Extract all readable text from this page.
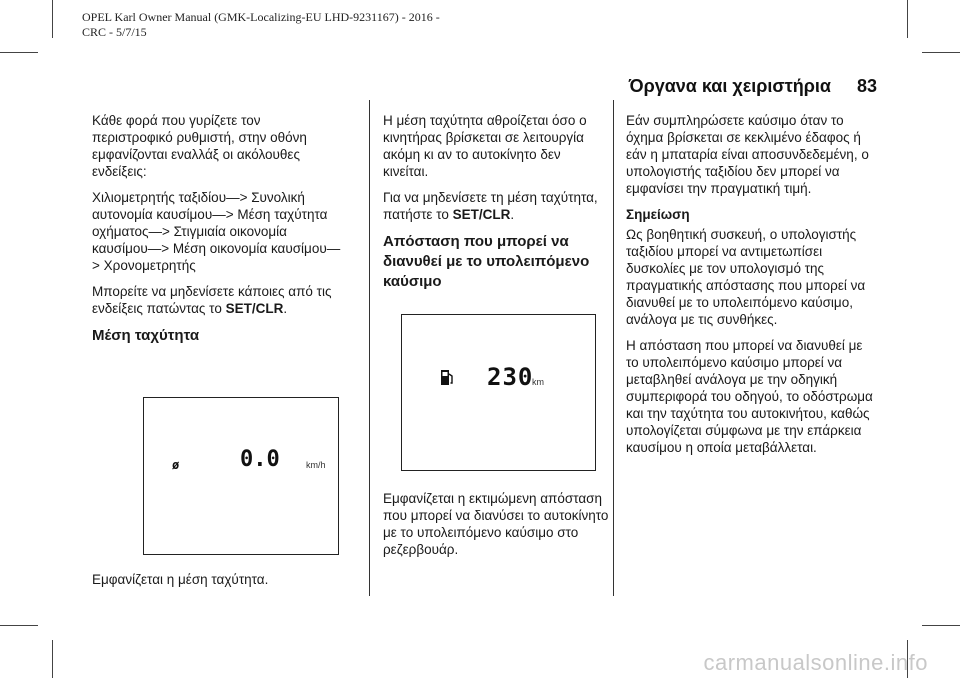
OPEL Karl Owner Manual (GMK-Localizing-EU LHD-9231167) - 2016 -
CRC - 5/7/15
Όργανα και χειριστήρια 83

Κάθε φορά που γυρίζετε τον περιστροφικό ρυθμιστή, στην οθόνη εμφανίζονται εναλλάξ οι ακόλουθες ενδείξεις:

Χιλιομετρητής ταξιδίου—> Συνολική αυτονομία καυσίμου—> Μέση ταχύτητα οχήματος—> Στιγμιαία οικονομία καυσίμου—> Μέση οικονομία καυσίμου—> Χρονομετρητής

Μπορείτε να μηδενίσετε κάποιες από τις ενδείξεις πατώντας το SET/CLR.

Μέση ταχύτητα
ø	0.0	km/h

Εμφανίζεται η μέση ταχύτητα.

Η μέση ταχύτητα αθροίζεται όσο ο κινητήρας βρίσκεται σε λειτουργία ακόμη κι αν το αυτοκίνητο δεν κινείται.

Για να μηδενίσετε τη μέση ταχύτητα, πατήστε το SET/CLR.

Απόσταση που μπορεί να διανυθεί με το υπολειπόμενο καύσιμο
230
km

Εμφανίζεται η εκτιμώμενη απόσταση που μπορεί να διανύσει το αυτοκίνητο με το υπολειπόμενο καύσιμο στο ρεζερβουάρ.

Εάν συμπληρώσετε καύσιμο όταν το όχημα βρίσκεται σε κεκλιμένο έδαφος ή εάν η μπαταρία είναι αποσυνδεδεμένη, ο υπολογιστής ταξιδίου δεν μπορεί να εμφανίσει την πραγματική τιμή.

Σημείωση

Ως βοηθητική συσκευή, ο υπολογιστής ταξιδίου μπορεί να αντιμετωπίσει δυσκολίες με τον υπολογισμό της πραγματικής απόστασης που μπορεί να διανυθεί με το υπολειπόμενο καύσιμο, ανάλογα με τις συνθήκες.

Η απόσταση που μπορεί να διανυθεί με το υπολειπόμενο καύσιμο μπορεί να μεταβληθεί ανάλογα με την οδηγική συμπεριφορά του οδηγού, το οδόστρωμα και την ταχύτητα του αυτοκινήτου, καθώς υπολογίζεται σύμφωνα με την επάρκεια καυσίμου η οποία μεταβάλλεται.

carmanualsonline.info
